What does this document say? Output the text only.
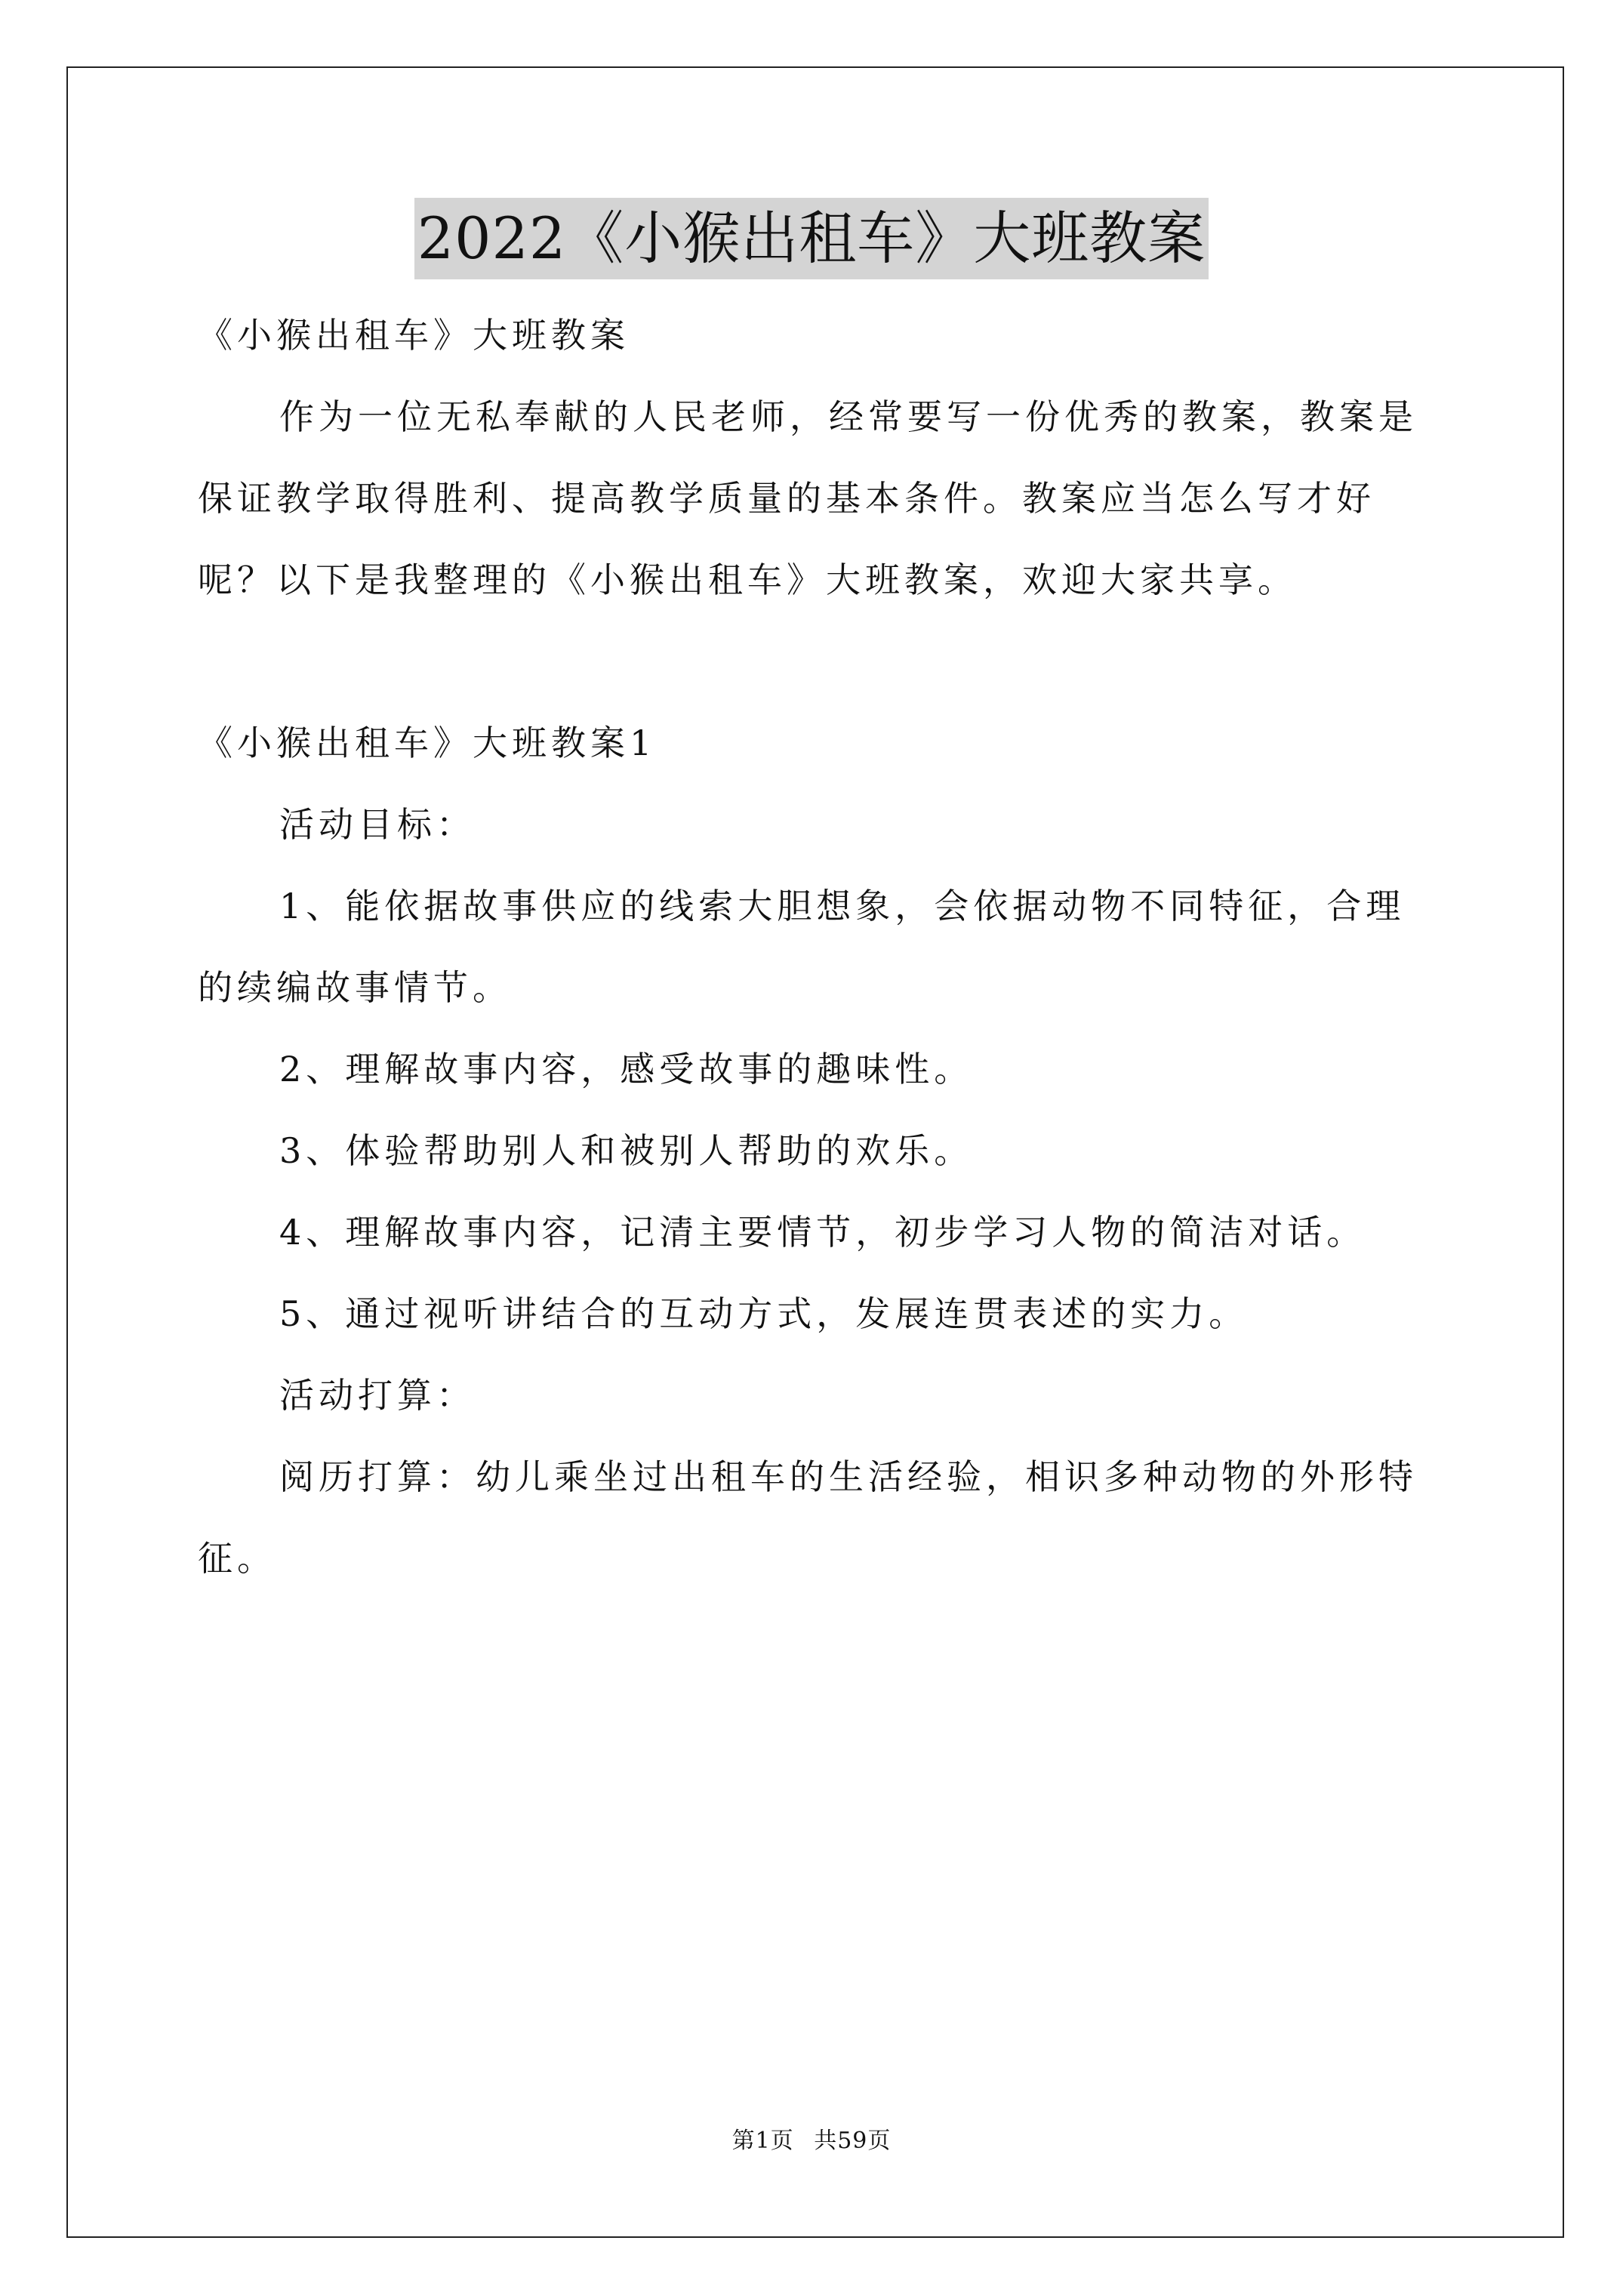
2022《小猴出租车》大班教案

《小猴出租车》大班教案

作为一位无私奉献的人民老师，经常要写一份优秀的教案，教案是保证教学取得胜利、提高教学质量的基本条件。教案应当怎么写才好呢？以下是我整理的《小猴出租车》大班教案，欢迎大家共享。

《小猴出租车》大班教案1

活动目标：

1、能依据故事供应的线索大胆想象，会依据动物不同特征，合理的续编故事情节。

2、理解故事内容，感受故事的趣味性。

3、体验帮助别人和被别人帮助的欢乐。

4、理解故事内容，记清主要情节，初步学习人物的简洁对话。

5、通过视听讲结合的互动方式，发展连贯表述的实力。

活动打算：

阅历打算：幼儿乘坐过出租车的生活经验，相识多种动物的外形特征。

第1页 共59页
